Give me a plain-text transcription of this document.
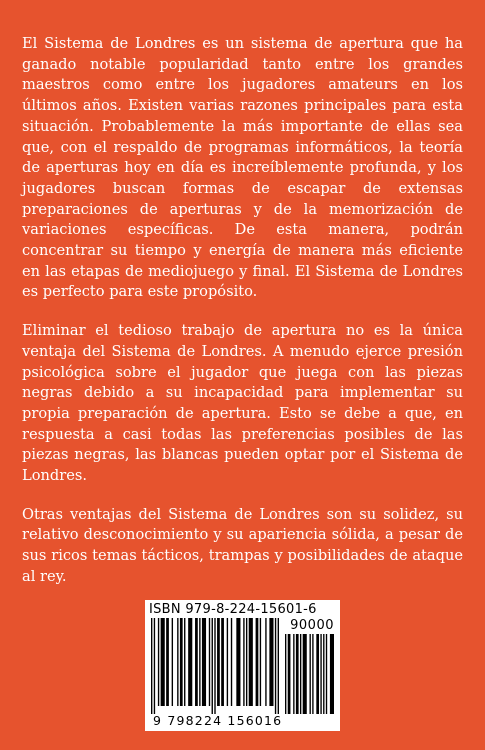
El Sistema de Londres es un sistema de apertura que ha ganado notable popularidad tanto entre los grandes maestros como entre los jugadores amateurs en los últimos años. Existen varias razones principales para esta situación. Probablemente la más importante de ellas sea que, con el respaldo de programas informáticos, la teoría de aperturas hoy en día es increíblemente profunda, y los jugadores buscan formas de escapar de extensas preparaciones de aperturas y de la memorización de variaciones específicas. De esta manera, podrán concentrar su tiempo y energía de manera más eficiente en las etapas de mediojuego y final. El Sistema de Londres es perfecto para este propósito.

Eliminar el tedioso trabajo de apertura no es la única ventaja del Sistema de Londres. A menudo ejerce presión psicológica sobre el jugador que juega con las piezas negras debido a su incapacidad para implementar su propia preparación de apertura. Esto se debe a que, en respuesta a casi todas las preferencias posibles de las piezas negras, las blancas pueden optar por el Sistema de Londres.

Otras ventajas del Sistema de Londres son su solidez, su relativo desconocimiento y su apariencia sólida, a pesar de sus ricos temas tácticos, trampas y posibilidades de ataque al rey.

ISBN 979-8-224-15601-6
90000
9 798224 156016
